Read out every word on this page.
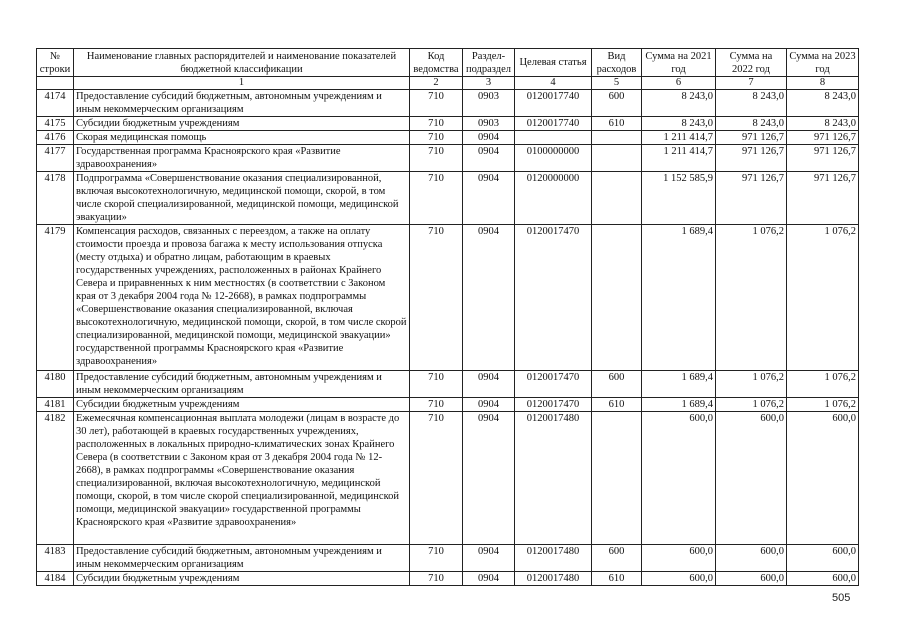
№ строки	Наименование главных распорядителей и наименование показателей бюджетной классификации	Код ведомства	Раздел-подраздел	Целевая статья	Вид расходов	Сумма на 2021 год	Сумма на 2022 год	Сумма на 2023 год
	1	2	3	4	5	6	7	8
4174	Предоставление субсидий бюджетным, автономным учреждениям и иным некоммерческим организациям	710	0903	0120017740	600	8 243,0	8 243,0	8 243,0
4175	Субсидии бюджетным учреждениям	710	0903	0120017740	610	8 243,0	8 243,0	8 243,0
4176	Скорая медицинская помощь	710	0904			1 211 414,7	971 126,7	971 126,7
4177	Государственная программа Красноярского края «Развитие здравоохранения»	710	0904	0100000000		1 211 414,7	971 126,7	971 126,7
4178	Подпрограмма «Совершенствование оказания специализированной, включая высокотехнологичную, медицинской помощи, скорой, в том числе скорой специализированной, медицинской помощи, медицинской эвакуации»	710	0904	0120000000		1 152 585,9	971 126,7	971 126,7
4179	Компенсация расходов, связанных с переездом, а также на оплату стоимости проезда и провоза багажа к месту использования отпуска (месту отдыха) и обратно лицам, работающим в краевых государственных учреждениях, расположенных в районах Крайнего Севера и приравненных к ним местностях (в соответствии с Законом края от 3 декабря 2004 года № 12-2668), в рамках подпрограммы «Совершенствование оказания специализированной, включая высокотехнологичную, медицинской помощи, скорой, в том числе скорой специализированной, медицинской помощи, медицинской эвакуации» государственной программы Красноярского края «Развитие здравоохранения»	710	0904	0120017470		1 689,4	1 076,2	1 076,2
4180	Предоставление субсидий бюджетным, автономным учреждениям и иным некоммерческим организациям	710	0904	0120017470	600	1 689,4	1 076,2	1 076,2
4181	Субсидии бюджетным учреждениям	710	0904	0120017470	610	1 689,4	1 076,2	1 076,2
4182	Ежемесячная компенсационная выплата молодежи (лицам в возрасте до 30 лет), работающей в краевых государственных учреждениях, расположенных в локальных природно-климатических зонах Крайнего Севера (в соответствии с Законом края от 3 декабря 2004 года № 12-2668), в рамках подпрограммы «Совершенствование оказания специализированной, включая высокотехнологичную, медицинской помощи, скорой, в том числе скорой специализированной, медицинской помощи, медицинской эвакуации» государственной программы Красноярского края «Развитие здравоохранения»	710	0904	0120017480		600,0	600,0	600,0
4183	Предоставление субсидий бюджетным, автономным учреждениям и иным некоммерческим организациям	710	0904	0120017480	600	600,0	600,0	600,0
4184	Субсидии бюджетным учреждениям	710	0904	0120017480	610	600,0	600,0	600,0
505
